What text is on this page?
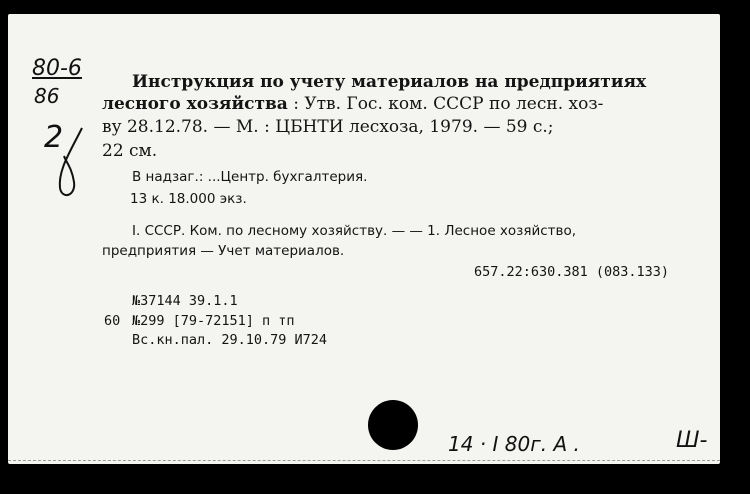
80-6
86
2
Инструкция по учету материалов на предприятиях
лесного хозяйства : Утв. Гос. ком. СССР по лесн. хоз-
ву 28.12.78. — М. : ЦБНТИ лесхоза, 1979. — 59 с.;
22 см.
В надзаг.: ...Центр. бухгалтерия.
13 к. 18.000 экз.
I. СССР. Ком. по лесному хозяйству. — — 1. Лесное хозяйство,
предприятия — Учет материалов.
657.22:630.381 (083.133)
№37144 39.1.1
60 №299 [79-72151] п тп
Вс.кн.пал. 29.10.79 И724
14 · I 80г. А .	Ш-
